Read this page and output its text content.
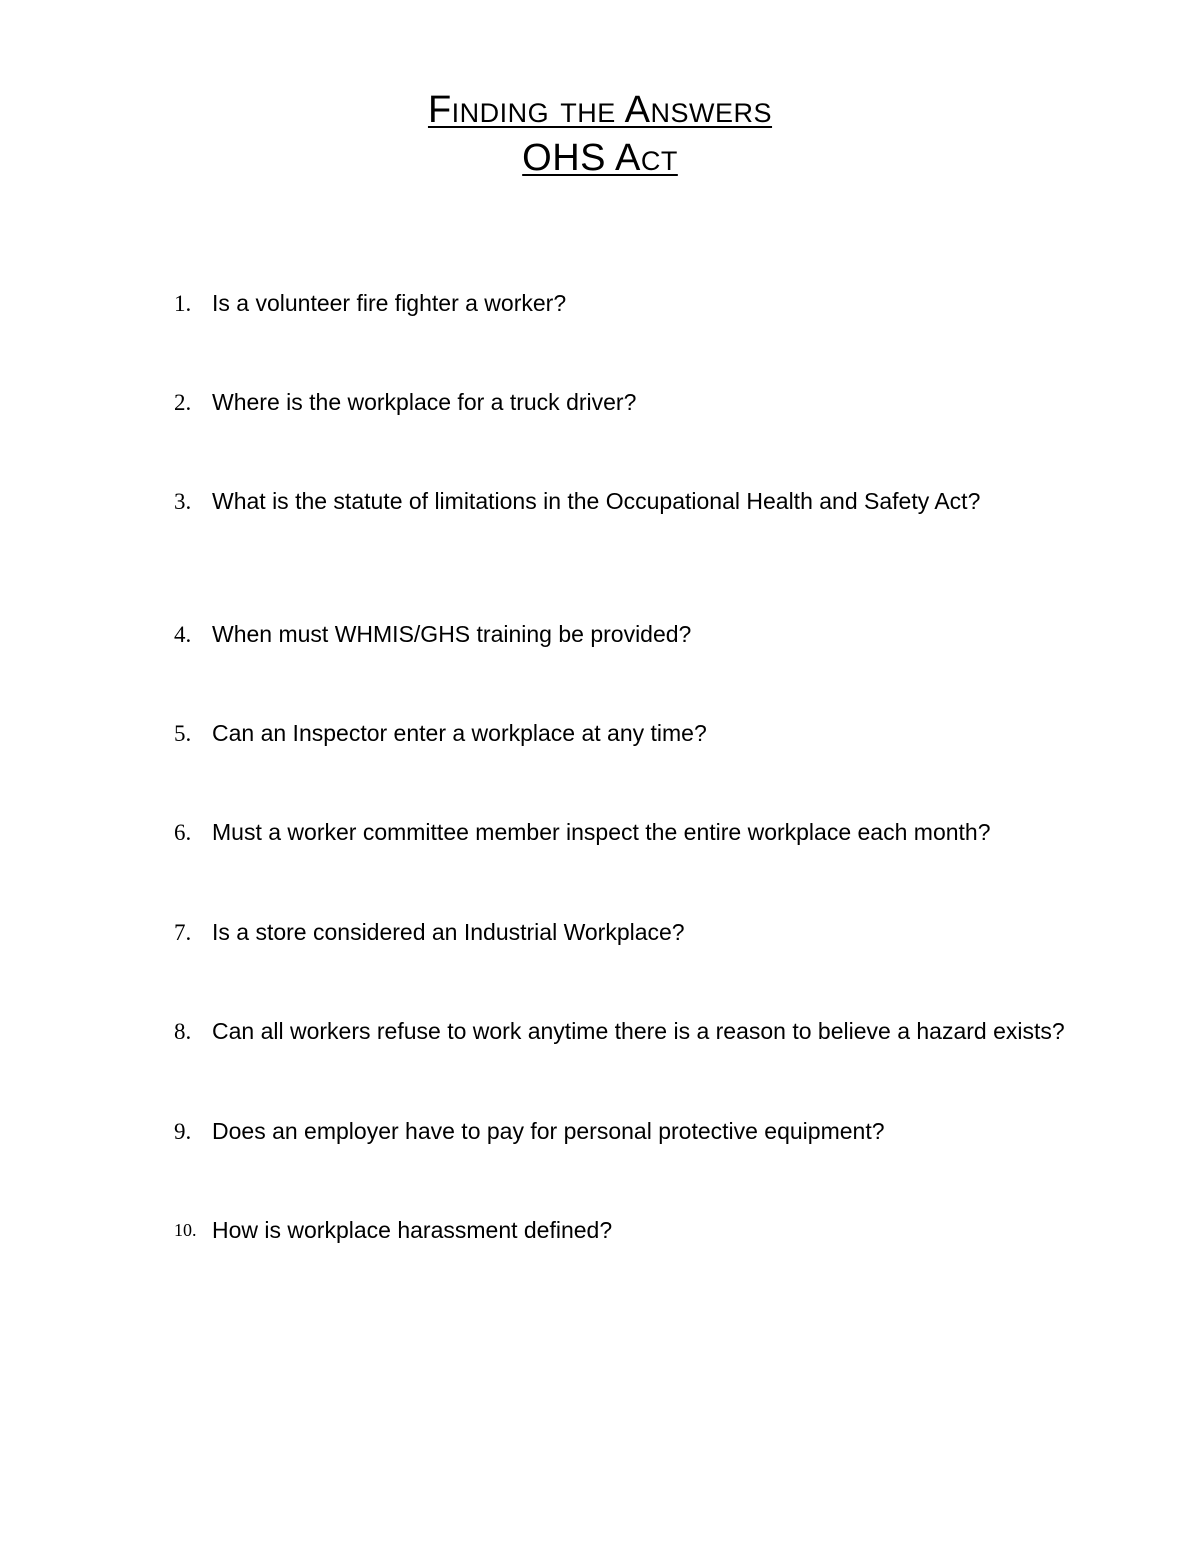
Finding the Answers
OHS Act
1. Is a volunteer fire fighter a worker?
2. Where is the workplace for a truck driver?
3. What is the statute of limitations in the Occupational Health and Safety Act?
4. When must WHMIS/GHS training be provided?
5. Can an Inspector enter a workplace at any time?
6. Must a worker committee member inspect the entire workplace each month?
7. Is a store considered an Industrial Workplace?
8. Can all workers refuse to work anytime there is a reason to believe a hazard exists?
9. Does an employer have to pay for personal protective equipment?
10. How is workplace harassment defined?
